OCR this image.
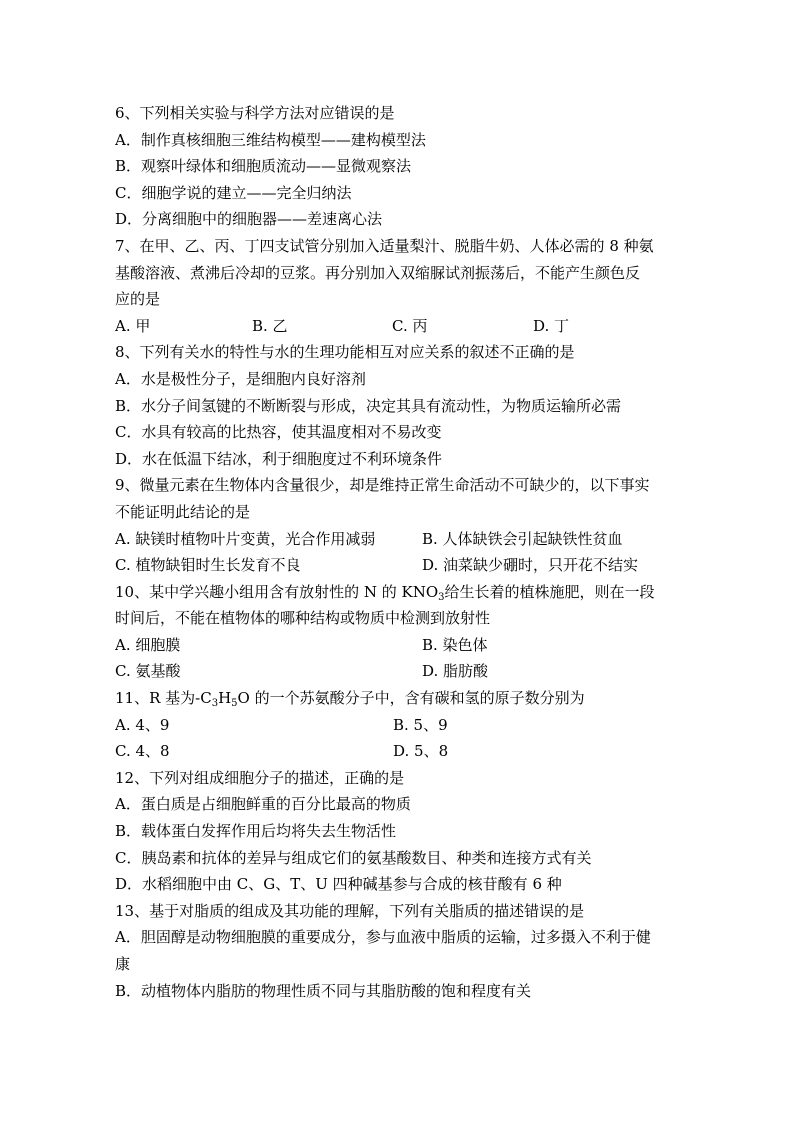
6、下列相关实验与科学方法对应错误的是
A．制作真核细胞三维结构模型——建构模型法
B．观察叶绿体和细胞质流动——显微观察法
C．细胞学说的建立——完全归纳法
D．分离细胞中的细胞器——差速离心法
7、在甲、乙、丙、丁四支试管分别加入适量梨汁、脱脂牛奶、人体必需的 8 种氨
基酸溶液、煮沸后冷却的豆浆。再分别加入双缩脲试剂振荡后，不能产生颜色反
应的是
A. 甲	B. 乙	C. 丙	D. 丁
8、下列有关水的特性与水的生理功能相互对应关系的叙述不正确的是
A．水是极性分子，是细胞内良好溶剂
B．水分子间氢键的不断断裂与形成，决定其具有流动性，为物质运输所必需
C．水具有较高的比热容，使其温度相对不易改变
D．水在低温下结冰，利于细胞度过不利环境条件
9、微量元素在生物体内含量很少，却是维持正常生命活动不可缺少的，以下事实
不能证明此结论的是
A. 缺镁时植物叶片变黄，光合作用减弱	B. 人体缺铁会引起缺铁性贫血
C. 植物缺钼时生长发育不良	D. 油菜缺少硼时，只开花不结实
10、某中学兴趣小组用含有放射性的 N 的 $KNO_3$给生长着的植株施肥，则在一段
时间后，不能在植物体的哪种结构或物质中检测到放射性
A. 细胞膜	B. 染色体
C. 氨基酸	D. 脂肪酸
11、R 基为$-C_3H_5O$ 的一个苏氨酸分子中，含有碳和氢的原子数分别为
A. 4、9	B. 5、9
C. 4、8	D. 5、8
12、下列对组成细胞分子的描述，正确的是
A．蛋白质是占细胞鲜重的百分比最高的物质
B．载体蛋白发挥作用后均将失去生物活性
C．胰岛素和抗体的差异与组成它们的氨基酸数目、种类和连接方式有关
D．水稻细胞中由 C、G、T、U 四种碱基参与合成的核苷酸有 6 种
13、基于对脂质的组成及其功能的理解，下列有关脂质的描述错误的是
A．胆固醇是动物细胞膜的重要成分，参与血液中脂质的运输，过多摄入不利于健
康
B．动植物体内脂肪的物理性质不同与其脂肪酸的饱和程度有关
